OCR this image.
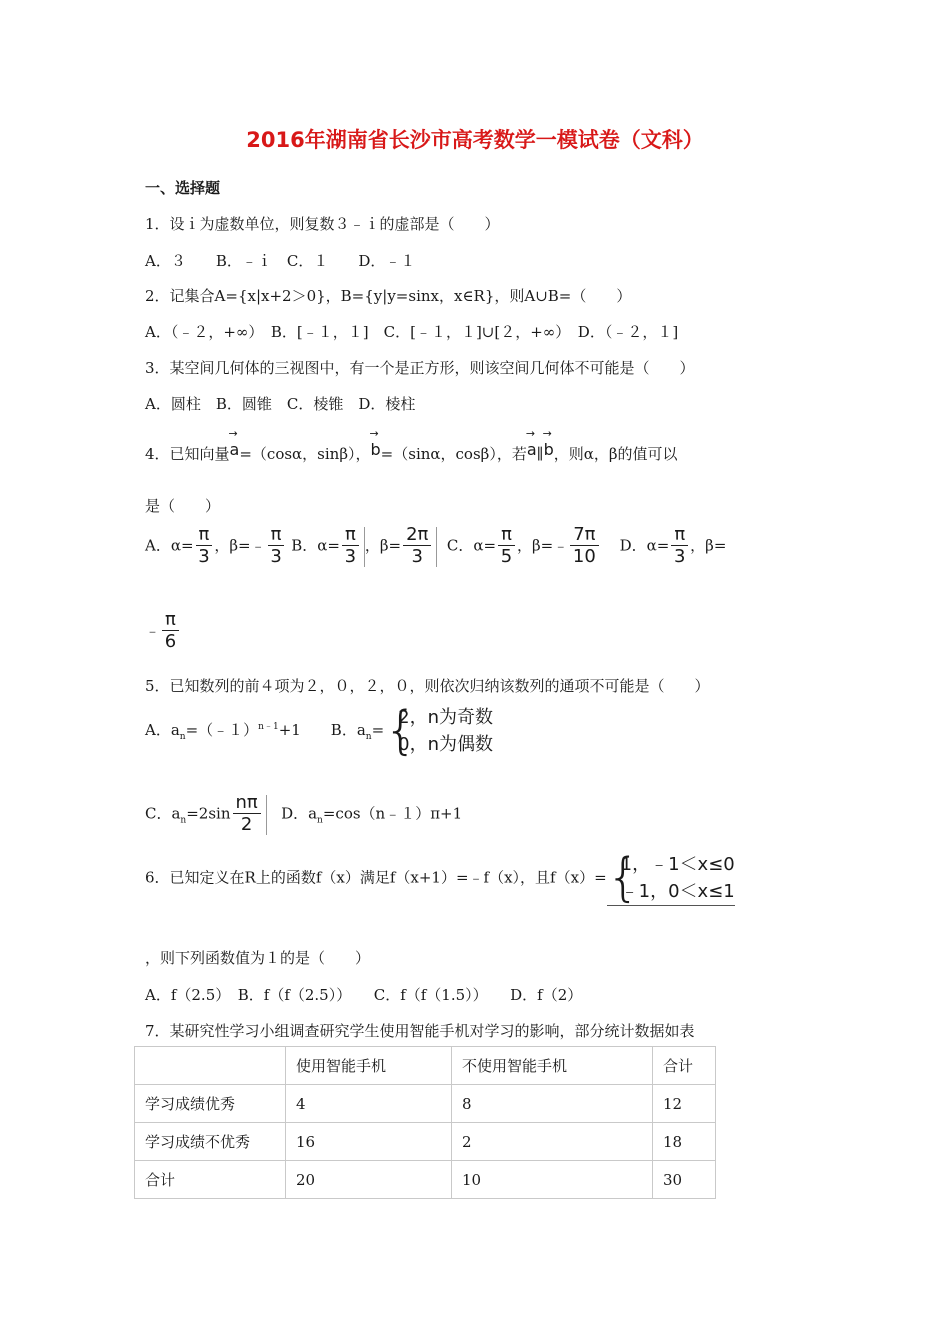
2016年湖南省长沙市高考数学一模试卷（文科）
一、选择题
1．设ｉ为虚数单位，则复数３﹣ｉ的虚部是（　　）
A．３　　B．﹣ｉ　C．１　　D．﹣１
2．记集合A={x|x+2＞0}，B={y|y=sinx，x∈R}，则A∪B=（　　）
A．（﹣２，+∞）　B．[﹣１，１]　C．[﹣１，１]∪[２，+∞）　D．（﹣２，１]
3．某空间几何体的三视图中，有一个是正方形，则该空间几何体不可能是（　　）
A．圆柱　B．圆锥　C．棱锥　D．棱柱
4．已知向量→ a=（cosα，sinβ），→ b=（sinα，cosβ），若→ a∥→ b，则α，β的值可以
是（　　）
A．$\alpha= \frac{\pi}{3}$ ，β=﹣ $\frac{\pi}{3}$ B．$\alpha= \frac{\pi}{3}$ ，$\beta= \frac{2\pi}{3}$ C．$\alpha= \frac{\pi}{5}$ ，β=﹣ $\frac{7\pi}{10}$ D．$\alpha= \frac{\pi}{3}$ ，β=
﹣ $\frac{\pi}{6}$
5．已知数列的前４项为２，０，２，０，则依次归纳该数列的通项不可能是（　　）
A．$a_n=(﹣1)^{n﹣1}+1$　　B．$a_n=$ {
2，n为奇数
0，n为偶数
C．$a_n=2\sin \frac{n\pi}{2}$ D．$a_n=\cos(n﹣1)\pi+1$
6．已知定义在R上的函数f（x）满足f（x+1）=﹣f（x），且f（x）= {
1，﹣1＜x≤0
﹣1，0＜x≤1
，则下列函数值为１的是（　　）
A．f（2.5）　B．f（f（2.5））　　C．f（f（1.5））　　D．f（2）
7．某研究性学习小组调查研究学生使用智能手机对学习的影响，部分统计数据如表
	使用智能手机	不使用智能手机	合计
学习成绩优秀	4	8	12
学习成绩不优秀	16	2	18
合计	20	10	30
